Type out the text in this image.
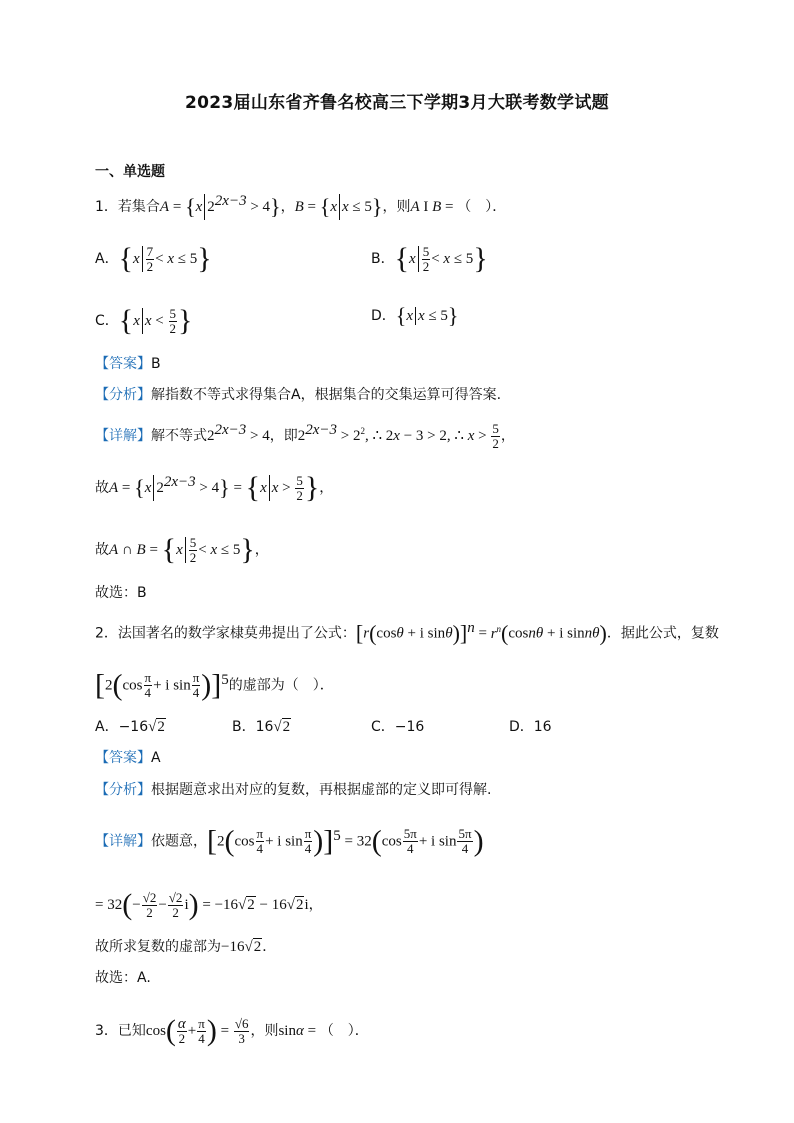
2023届山东省齐鲁名校高三下学期3月大联考数学试题
一、单选题
1．若集合A = {x $2^{2x-3} > 4$}，B = {x x ≤ 5}，则A I B = （　）．
A．$\{x \frac{7}{2} < x \le 5\}$	B．$\{x \frac{5}{2} < x \le 5\}$
C．{x $x < \frac{5}{2}$ }	D．{x x ≤ 5}
【答案】B
【分析】解指数不等式求得集合A，根据集合的交集运算可得答案.
【详解】解不等式$2^{2x-3} > 4$，即$2^{2x-3} > 2^2$, ∴ 2x − 3 > 2, ∴ $x > \frac{5}{2}$ ，
故A = {x $2^{2x-3} > 4\} = \{x$ $x > \frac{5}{2}$ }，
故A ∩ $B = \{x \frac{5}{2} < x \le 5\}$，
故选：B
2．法国著名的数学家棣莫弗提出了公式：[r(cosθ + i $\sin\theta)]^n = r^n(\cos n\theta + i$ sinnθ)．据此公式，复数
[$2(\cos \frac{\pi}{4} + i$ $\sin \frac{\pi}{4} )]^5$的虚部为（　）．
A．−16√2	B．16√2	C．−16	D．16
【答案】A
【分析】根据题意求出对应的复数，再根据虚部的定义即可得解.
【详解】依题意，[$2(\cos \frac{\pi}{4} + i$ $\sin \frac{\pi}{4} )]^5 = 32(\cos \frac{5\pi}{4} + i$ $\sin \frac{5\pi}{4}$ )
= $32(- \frac{√2}{2} - \frac{√2}{2} i) = -16√2 - 16√2i$，
故所求复数的虚部为−16√2．
故选：A.
3．已知$\cos( \frac{\alpha}{2} + \frac{\pi}{4}$ ) = $\frac{√6}{3}$ ，则sinα = （　）．
